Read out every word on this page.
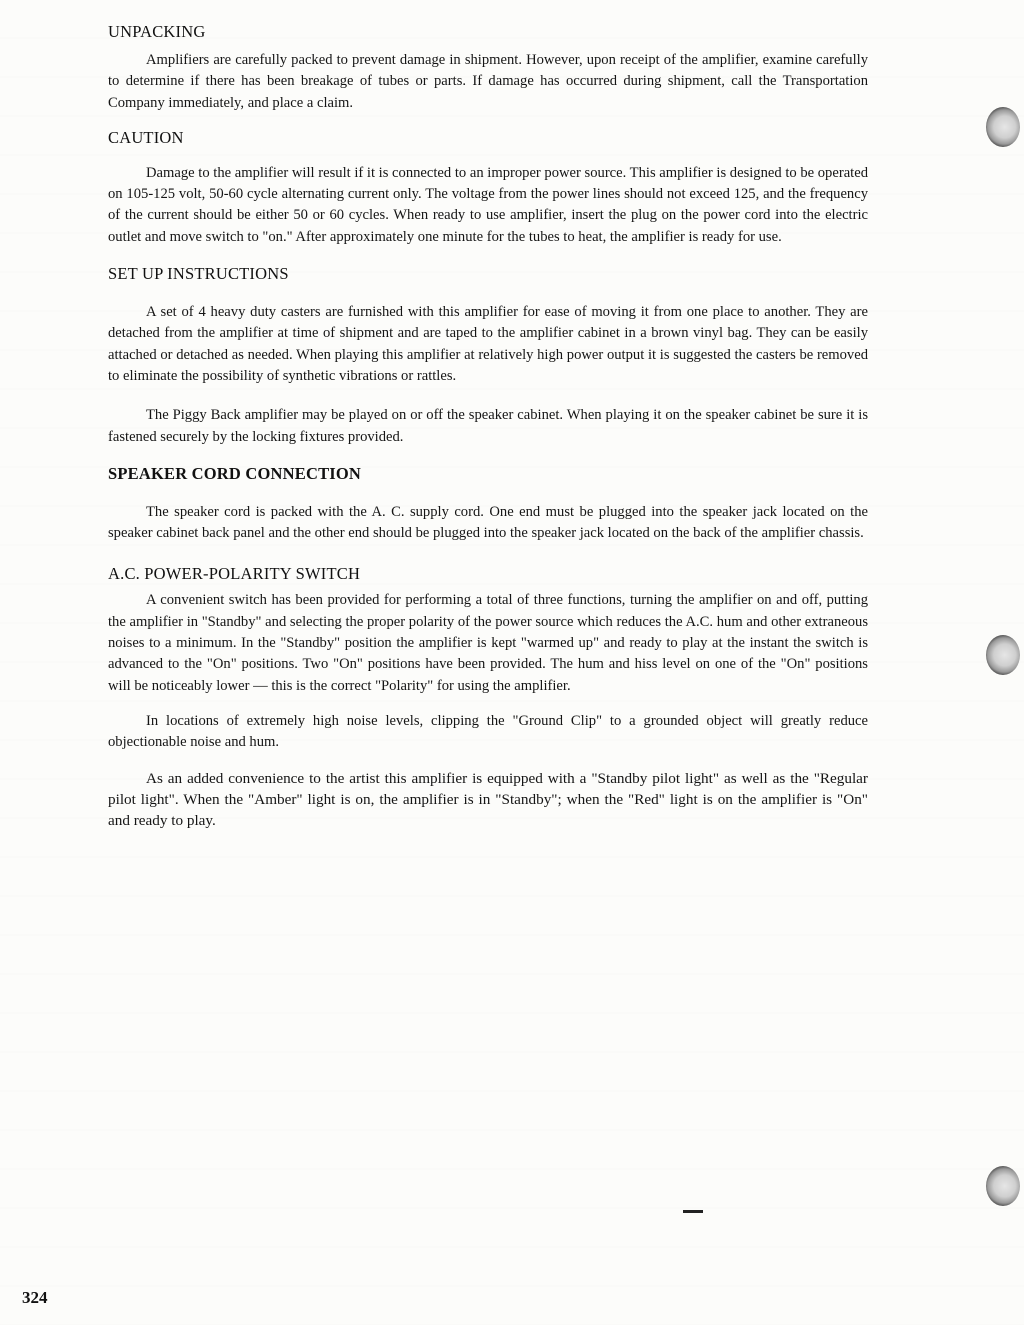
UNPACKING

Amplifiers are carefully packed to prevent damage in shipment. However, upon receipt of the amplifier, examine carefully to determine if there has been breakage of tubes or parts. If damage has occurred during shipment, call the Transportation Company immediately, and place a claim.

CAUTION

Damage to the amplifier will result if it is connected to an improper power source. This amplifier is designed to be operated on 105-125 volt, 50-60 cycle alternating current only. The voltage from the power lines should not exceed 125, and the frequency of the current should be either 50 or 60 cycles. When ready to use amplifier, insert the plug on the power cord into the electric outlet and move switch to "on." After approximately one minute for the tubes to heat, the amplifier is ready for use.

SET UP INSTRUCTIONS

A set of 4 heavy duty casters are furnished with this amplifier for ease of moving it from one place to another. They are detached from the amplifier at time of shipment and are taped to the amplifier cabinet in a brown vinyl bag. They can be easily attached or detached as needed. When playing this amplifier at relatively high power output it is suggested the casters be removed to eliminate the possibility of synthetic vibrations or rattles.

The Piggy Back amplifier may be played on or off the speaker cabinet. When playing it on the speaker cabinet be sure it is fastened securely by the locking fixtures provided.

SPEAKER CORD CONNECTION

The speaker cord is packed with the A. C. supply cord. One end must be plugged into the speaker jack located on the speaker cabinet back panel and the other end should be plugged into the speaker jack located on the back of the amplifier chassis.

A.C. POWER-POLARITY SWITCH

A convenient switch has been provided for performing a total of three functions, turning the amplifier on and off, putting the amplifier in "Standby" and selecting the proper polarity of the power source which reduces the A.C. hum and other extraneous noises to a minimum. In the "Standby" position the amplifier is kept "warmed up" and ready to play at the instant the switch is advanced to the "On" positions. Two "On" positions have been provided. The hum and hiss level on one of the "On" positions will be noticeably lower — this is the correct "Polarity" for using the amplifier.

In locations of extremely high noise levels, clipping the "Ground Clip" to a grounded object will greatly reduce objectionable noise and hum.

As an added convenience to the artist this amplifier is equipped with a "Standby pilot light" as well as the "Regular pilot light". When the "Amber" light is on, the amplifier is in "Standby"; when the "Red" light is on the amplifier is "On" and ready to play.

324
